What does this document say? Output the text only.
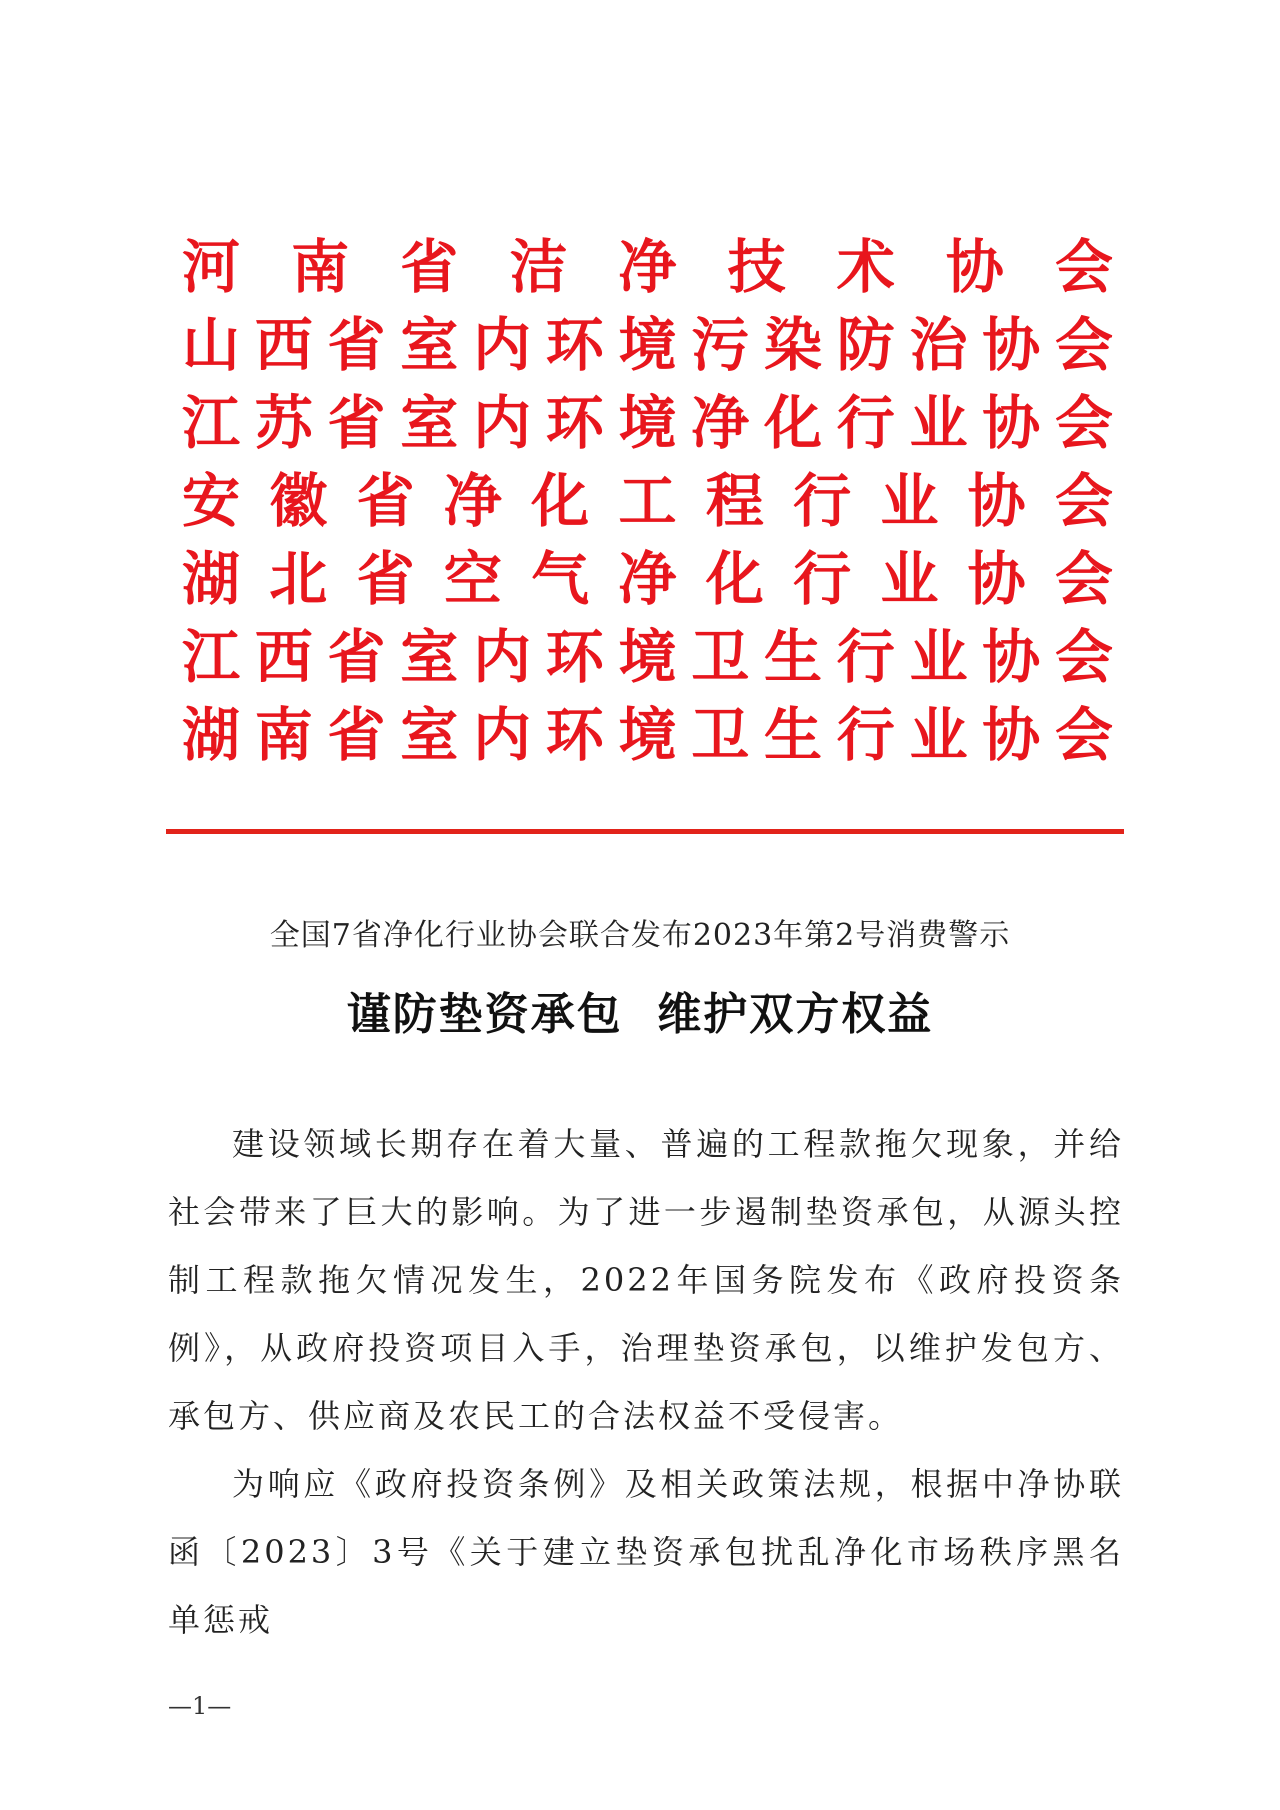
河 南 省 洁 净 技 术 协 会
山 西 省 室 内 环 境 污 染 防 治 协 会
江 苏 省 室 内 环 境 净 化 行 业 协 会
安 徽 省 净 化 工 程 行 业 协 会
湖 北 省 空 气 净 化 行 业 协 会
江 西 省 室 内 环 境 卫 生 行 业 协 会
湖 南 省 室 内 环 境 卫 生 行 业 协 会
全国7省净化行业协会联合发布2023年第2号消费警示
谨防垫资承包  维护双方权益

建设领域长期存在着大量、普遍的工程款拖欠现象，并给社会带来了巨大的影响。为了进一步遏制垫资承包，从源头控制工程款拖欠情况发生，2022年国务院发布《政府投资条例》，从政府投资项目入手，治理垫资承包，以维护发包方、承包方、供应商及农民工的合法权益不受侵害。

为响应《政府投资条例》及相关政策法规，根据中净协联函〔2023〕3号《关于建立垫资承包扰乱净化市场秩序黑名单惩戒

—1—
